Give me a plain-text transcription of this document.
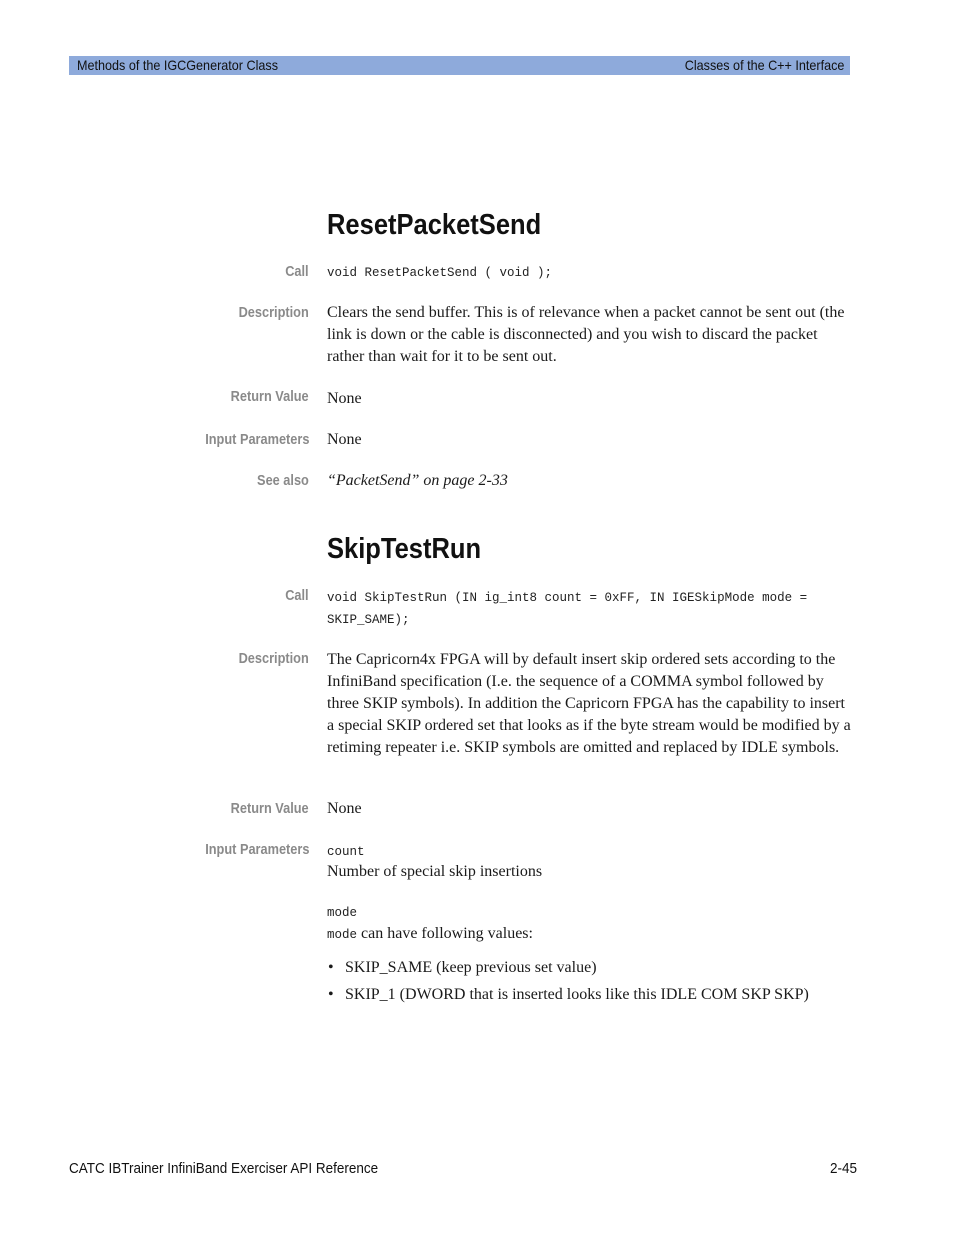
Methods of the IGCGenerator Class	Classes of the C++ Interface
ResetPacketSend
Call void ResetPacketSend ( void );
Description Clears the send buffer. This is of relevance when a packet cannot be sent out (the link is down or the cable is disconnected) and you wish to discard the packet rather than wait for it to be sent out.
Return Value None
Input Parameters None
See also “PacketSend” on page 2-33
SkipTestRun
Call void SkipTestRun (IN ig_int8 count = 0xFF, IN IGESkipMode mode =
SKIP_SAME);
Description The Capricorn4x FPGA will by default insert skip ordered sets according to the InfiniBand specification (I.e. the sequence of a COMMA symbol followed by three SKIP symbols). In addition the Capricorn FPGA has the capability to insert a special SKIP ordered set that looks as if the byte stream would be modified by a retiming repeater i.e. SKIP symbols are omitted and replaced by IDLE symbols.
Return Value None
Input Parameters count
Number of special skip insertions
mode
mode can have following values:
• SKIP_SAME (keep previous set value)
• SKIP_1 (DWORD that is inserted looks like this IDLE COM SKP SKP)
CATC IBTrainer InfiniBand Exerciser API Reference	2-45
